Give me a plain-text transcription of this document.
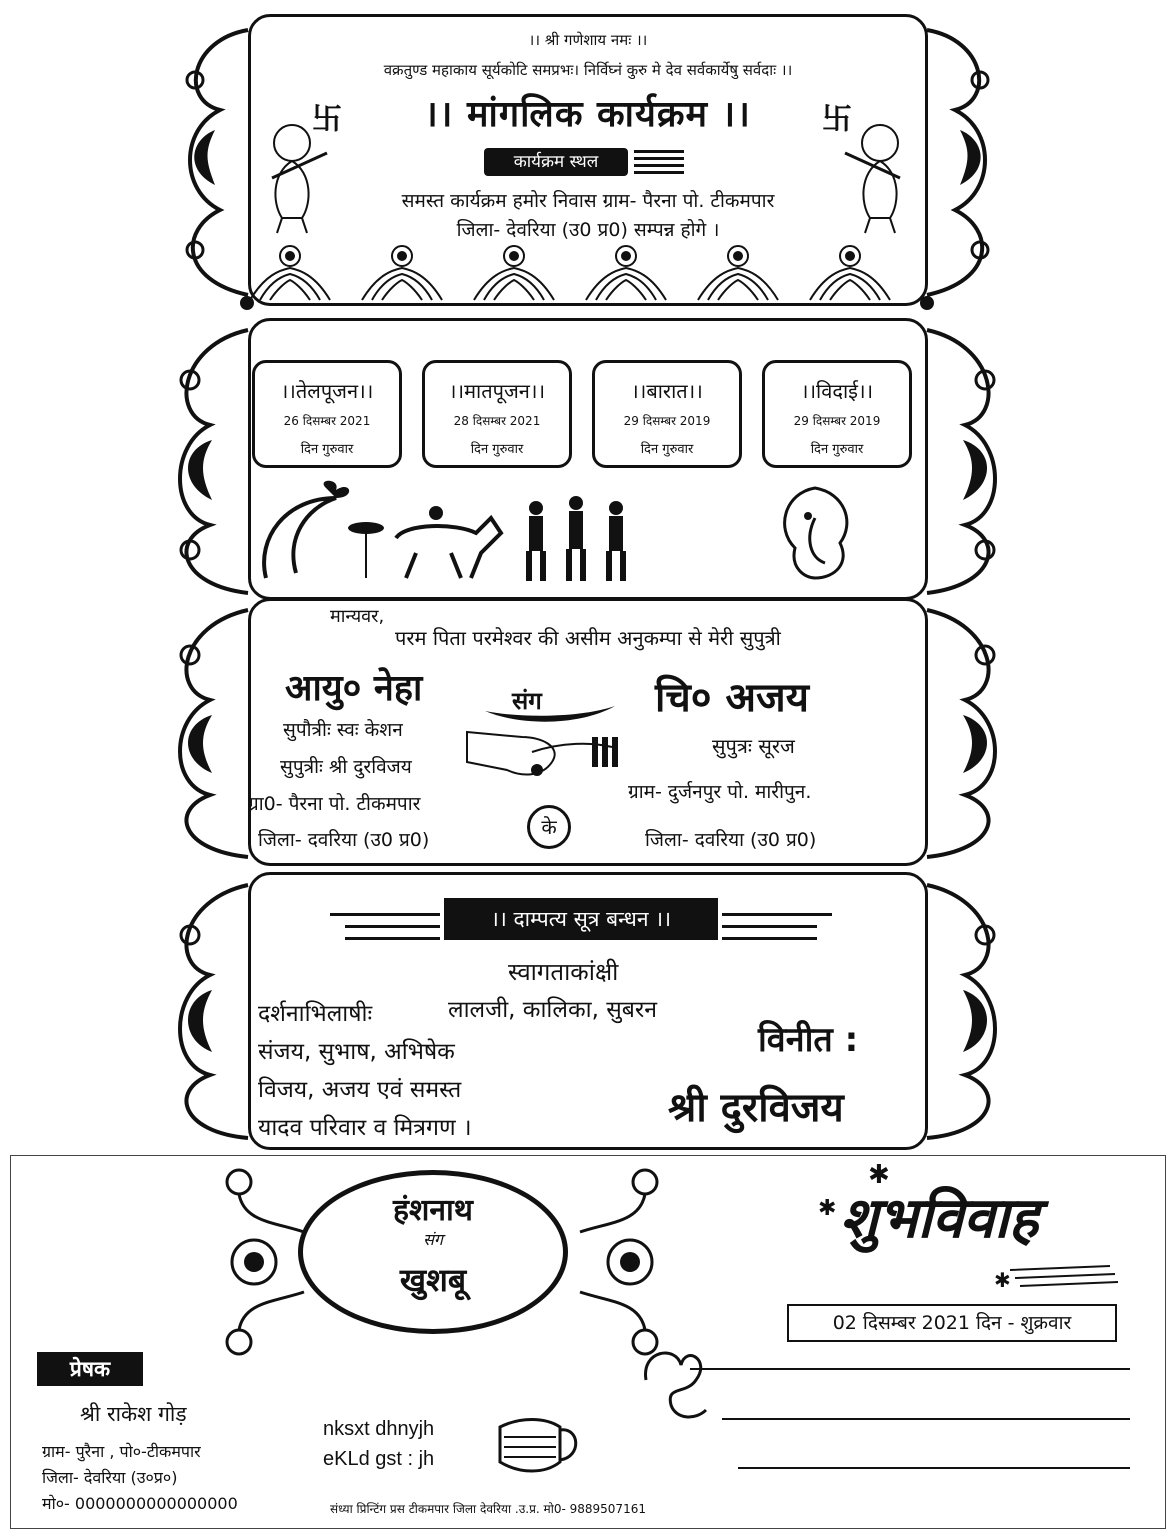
।। श्री गणेशाय नमः ।।
वक्रतुण्ड महाकाय सूर्यकोटि समप्रभः। निर्विघ्नं कुरु मे देव सर्वकार्येषु सर्वदाः ।।
卐	卐
।। मांगलिक कार्यक्रम ।।
कार्यक्रम स्थल
समस्त कार्यक्रम हमोर निवास ग्राम- पैरना पो. टीकमपार
जिला- देवरिया (उ0 प्र0) सम्पन्न होगे ।
।।तेलपूजन।।
26 दिसम्बर 2021
दिन गुरुवार
।।मातपूजन।।
28 दिसम्बर 2021
दिन गुरुवार
।।बारात।।
29 दिसम्बर 2019
दिन गुरुवार
।।विदाई।।
29 दिसम्बर 2019
दिन गुरुवार
मान्यवर,
परम पिता परमेश्वर की असीम अनुकम्पा से मेरी सुपुत्री
आयु० नेहा
सुपौत्रीः स्वः केशन
सुपुत्रीः श्री दुरविजय
ग्रा0- पैरना पो. टीकमपार
जिला- दवरिया (उ0 प्र0)
संग
के
चि० अजय
सुपुत्रः सूरज
ग्राम- दुर्जनपुर पो. मारीपुन.
जिला- दवरिया (उ0 प्र0)
।। दाम्पत्य सूत्र बन्धन ।।
स्वागताकांक्षी
दर्शनाभिलाषीः	लालजी, कालिका, सुबरन
संजय, सुभाष, अभिषेक
विजय, अजय एवं समस्त
यादव परिवार व मित्रगण ।
विनीत :
श्री दुरविजय
हंशनाथ
संग
खुशबू
✱
✱
✱
शुभविवाह
02 दिसम्बर 2021 दिन - शुक्रवार
प्रेषक
श्री राकेश गोड़
ग्राम- पुरैना , पो०-टीकमपार
जिला- देवरिया (उ०प्र०)
मो०- 0000000000000000
nksxt dhnyjh
eKLd gst : jh
संध्या प्रिन्टिंग प्रस टीकमपार जिला देवरिया .उ.प्र. मो0- 9889507161
